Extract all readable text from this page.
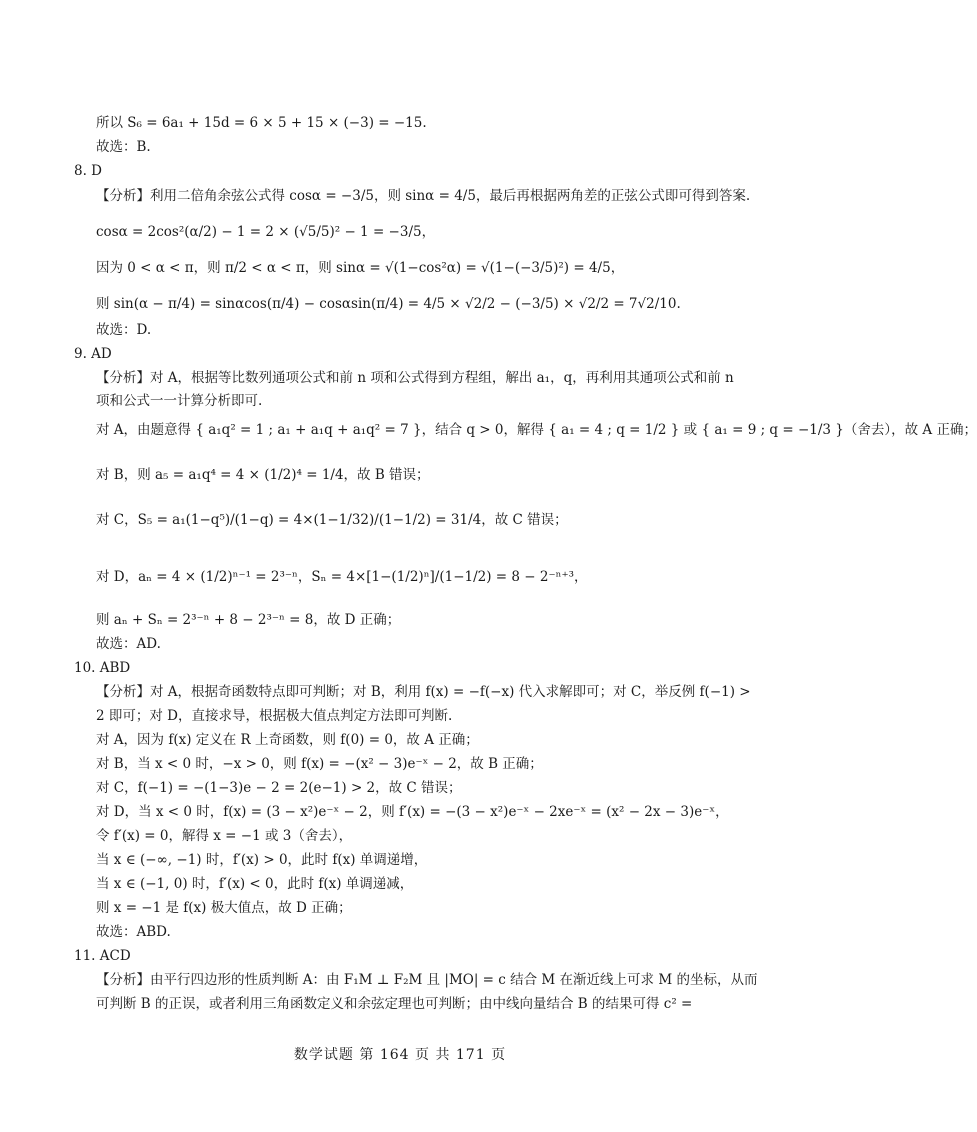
所以 S₆ = 6a₁ + 15d = 6 × 5 + 15 × (−3) = −15.
故选：B.
8. D
【分析】利用二倍角余弦公式得 cosα = −3/5，则 sinα = 4/5，最后再根据两角差的正弦公式即可得到答案.
cosα = 2cos²(α/2) − 1 = 2 × (√5/5)² − 1 = −3/5，
因为 0 < α < π，则 π/2 < α < π，则 sinα = √(1−cos²α) = √(1−(−3/5)²) = 4/5，
则 sin(α − π/4) = sinαcos(π/4) − cosαsin(π/4) = 4/5 × √2/2 − (−3/5) × √2/2 = 7√2/10.
故选：D.
9. AD
【分析】对 A，根据等比数列通项公式和前 n 项和公式得到方程组，解出 a₁，q，再利用其通项公式和前 n
项和公式一一计算分析即可.
对 A，由题意得 { a₁q² = 1 ; a₁ + a₁q + a₁q² = 7 }，结合 q > 0，解得 { a₁ = 4 ; q = 1/2 } 或 { a₁ = 9 ; q = −1/3 }（舍去），故 A 正确；
对 B，则 a₅ = a₁q⁴ = 4 × (1/2)⁴ = 1/4，故 B 错误；
对 C，S₅ = a₁(1−q⁵)/(1−q) = 4×(1−1/32)/(1−1/2) = 31/4，故 C 错误；
对 D，aₙ = 4 × (1/2)ⁿ⁻¹ = 2³⁻ⁿ，Sₙ = 4×[1−(1/2)ⁿ]/(1−1/2) = 8 − 2⁻ⁿ⁺³，
则 aₙ + Sₙ = 2³⁻ⁿ + 8 − 2³⁻ⁿ = 8，故 D 正确；
故选：AD.
10. ABD
【分析】对 A，根据奇函数特点即可判断；对 B，利用 f(x) = −f(−x) 代入求解即可；对 C，举反例 f(−1) >
2 即可；对 D，直接求导，根据极大值点判定方法即可判断.
对 A，因为 f(x) 定义在 R 上奇函数，则 f(0) = 0，故 A 正确；
对 B，当 x < 0 时，−x > 0，则 f(x) = −(x² − 3)e⁻ˣ − 2，故 B 正确；
对 C，f(−1) = −(1−3)e − 2 = 2(e−1) > 2，故 C 错误；
对 D，当 x < 0 时，f(x) = (3 − x²)e⁻ˣ − 2，则 f′(x) = −(3 − x²)e⁻ˣ − 2xe⁻ˣ = (x² − 2x − 3)e⁻ˣ，
令 f′(x) = 0，解得 x = −1 或 3（舍去），
当 x ∈ (−∞, −1) 时，f′(x) > 0，此时 f(x) 单调递增，
当 x ∈ (−1, 0) 时，f′(x) < 0，此时 f(x) 单调递减，
则 x = −1 是 f(x) 极大值点，故 D 正确；
故选：ABD.
11. ACD
【分析】由平行四边形的性质判断 A：由 F₁M ⊥ F₂M 且 |MO| = c 结合 M 在渐近线上可求 M 的坐标，从而
可判断 B 的正误，或者利用三角函数定义和余弦定理也可判断；由中线向量结合 B 的结果可得 c² =
数学试题 第 164 页 共 171 页
